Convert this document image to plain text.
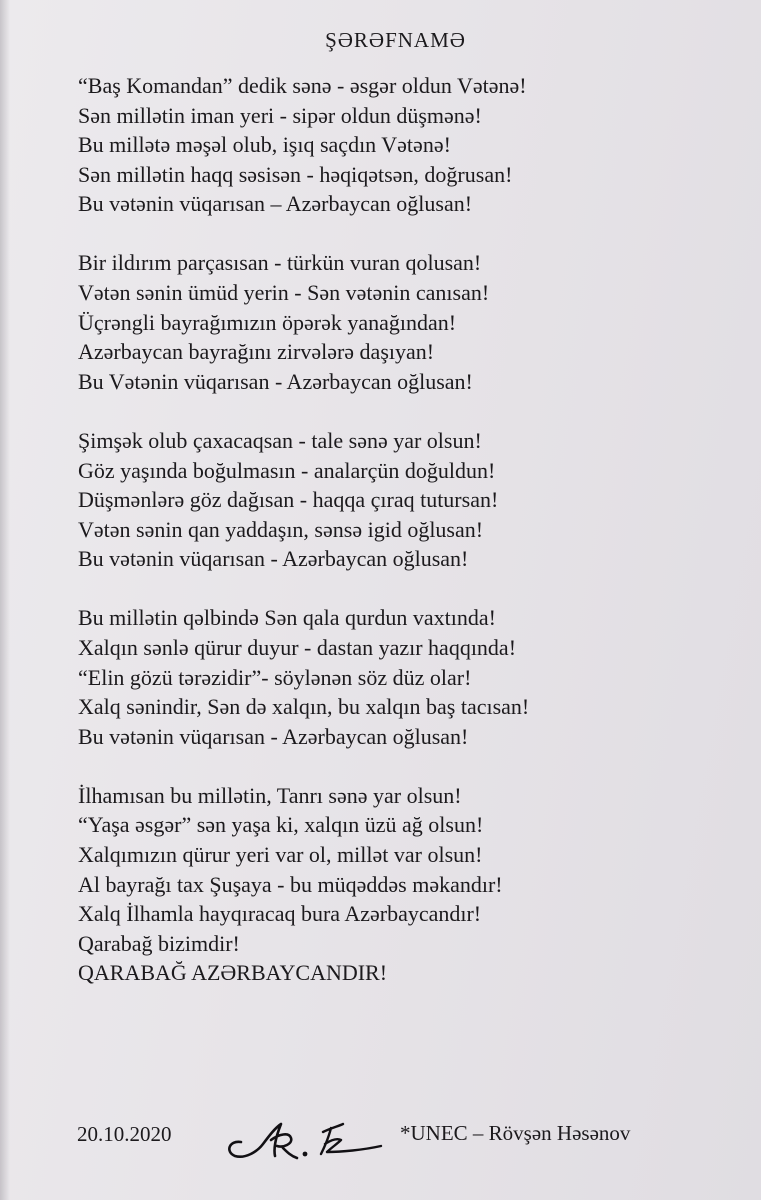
ŞƏRƏFNAMƏ
“Baş Komandan” dedik sənə - əsgər oldun Vətənə!
Sən millətin iman yeri - sipər oldun düşmənə!
Bu millətə məşəl olub, işıq saçdın Vətənə!
Sən millətin haqq səsisən - həqiqətsən, doğrusan!
Bu vətənin vüqarısan – Azərbaycan oğlusan!
Bir ildırım parçasısan - türkün vuran qolusan!
Vətən sənin ümüd yerin - Sən vətənin canısan!
Üçrəngli bayrağımızın öpərək yanağından!
Azərbaycan bayrağını zirvələrə daşıyan!
Bu Vətənin vüqarısan - Azərbaycan oğlusan!
Şimşək olub çaxacaqsan - tale sənə yar olsun!
Göz yaşında boğulmasın - analarçün doğuldun!
Düşmənlərə göz dağısan - haqqa çıraq tutursan!
Vətən sənin qan yaddaşın, sənsə igid oğlusan!
Bu vətənin vüqarısan - Azərbaycan oğlusan!
Bu millətin qəlbində Sən qala qurdun vaxtında!
Xalqın sənlə qürur duyur - dastan yazır haqqında!
“Elin gözü tərəzidir”- söylənən söz düz olar!
Xalq sənindir, Sən də xalqın, bu xalqın baş tacısan!
Bu vətənin vüqarısan - Azərbaycan oğlusan!
İlhamısan bu millətin, Tanrı sənə yar olsun!
“Yaşa əsgər” sən yaşa ki, xalqın üzü ağ olsun!
Xalqımızın qürur yeri var ol, millət var olsun!
Al bayrağı tax Şuşaya - bu müqəddəs məkandır!
Xalq İlhamla hayqıracaq bura Azərbaycandır!
Qarabağ bizimdir!
QARABAĞ AZƏRBAYCANDIR!
20.10.2020	*UNEC – Rövşən Həsənov
